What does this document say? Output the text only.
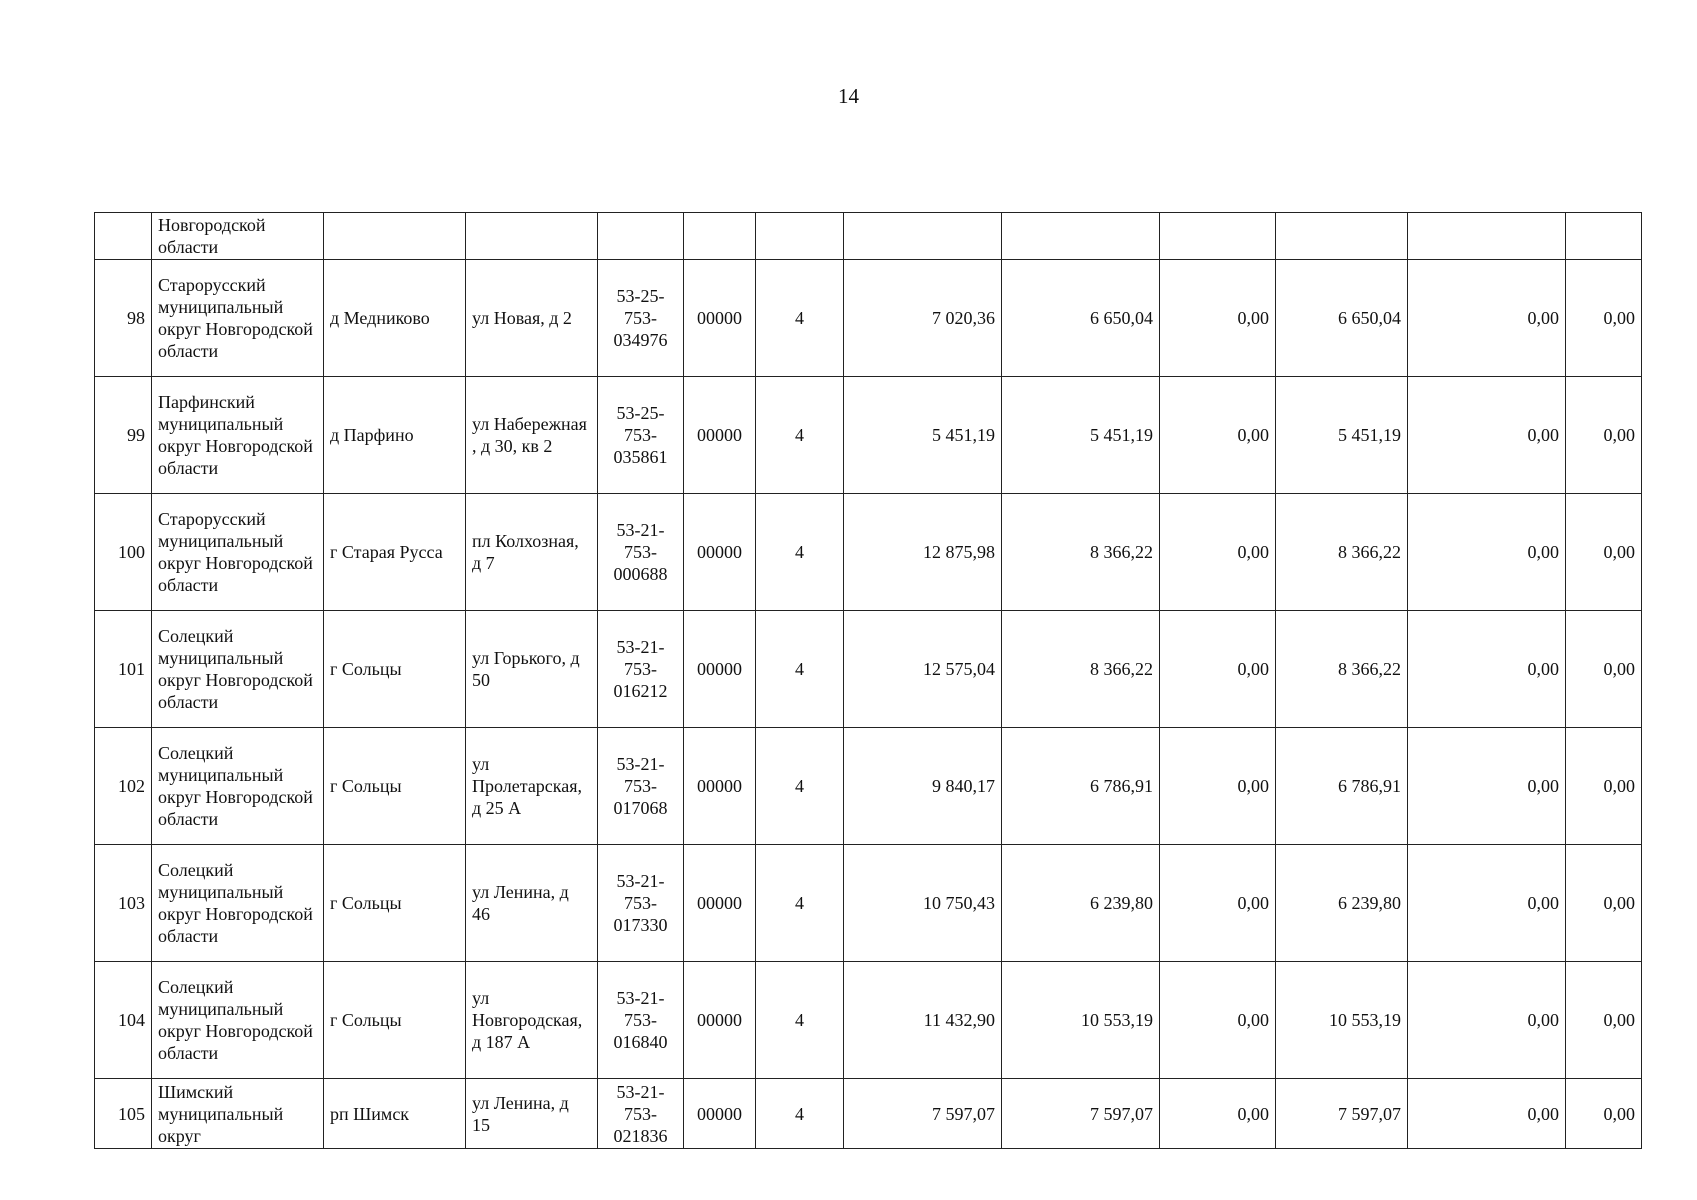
14
	Новгородской области											
98	Старорусский муниципальный округ Новгородской области	д Медниково	ул Новая, д 2	53-25-753-034976	00000	4	7 020,36	6 650,04	0,00	6 650,04	0,00	0,00
99	Парфинский муниципальный округ Новгородской области	д Парфино	ул Набережная , д 30, кв 2	53-25-753-035861	00000	4	5 451,19	5 451,19	0,00	5 451,19	0,00	0,00
100	Старорусский муниципальный округ Новгородской области	г Старая Русса	пл Колхозная, д 7	53-21-753-000688	00000	4	12 875,98	8 366,22	0,00	8 366,22	0,00	0,00
101	Солецкий муниципальный округ Новгородской области	г Сольцы	ул Горького, д 50	53-21-753-016212	00000	4	12 575,04	8 366,22	0,00	8 366,22	0,00	0,00
102	Солецкий муниципальный округ Новгородской области	г Сольцы	ул Пролетарская, д 25 А	53-21-753-017068	00000	4	9 840,17	6 786,91	0,00	6 786,91	0,00	0,00
103	Солецкий муниципальный округ Новгородской области	г Сольцы	ул Ленина, д 46	53-21-753-017330	00000	4	10 750,43	6 239,80	0,00	6 239,80	0,00	0,00
104	Солецкий муниципальный округ Новгородской области	г Сольцы	ул Новгородская, д 187 А	53-21-753-016840	00000	4	11 432,90	10 553,19	0,00	10 553,19	0,00	0,00
105	Шимский муниципальный округ	рп Шимск	ул Ленина, д 15	53-21-753-021836	00000	4	7 597,07	7 597,07	0,00	7 597,07	0,00	0,00
